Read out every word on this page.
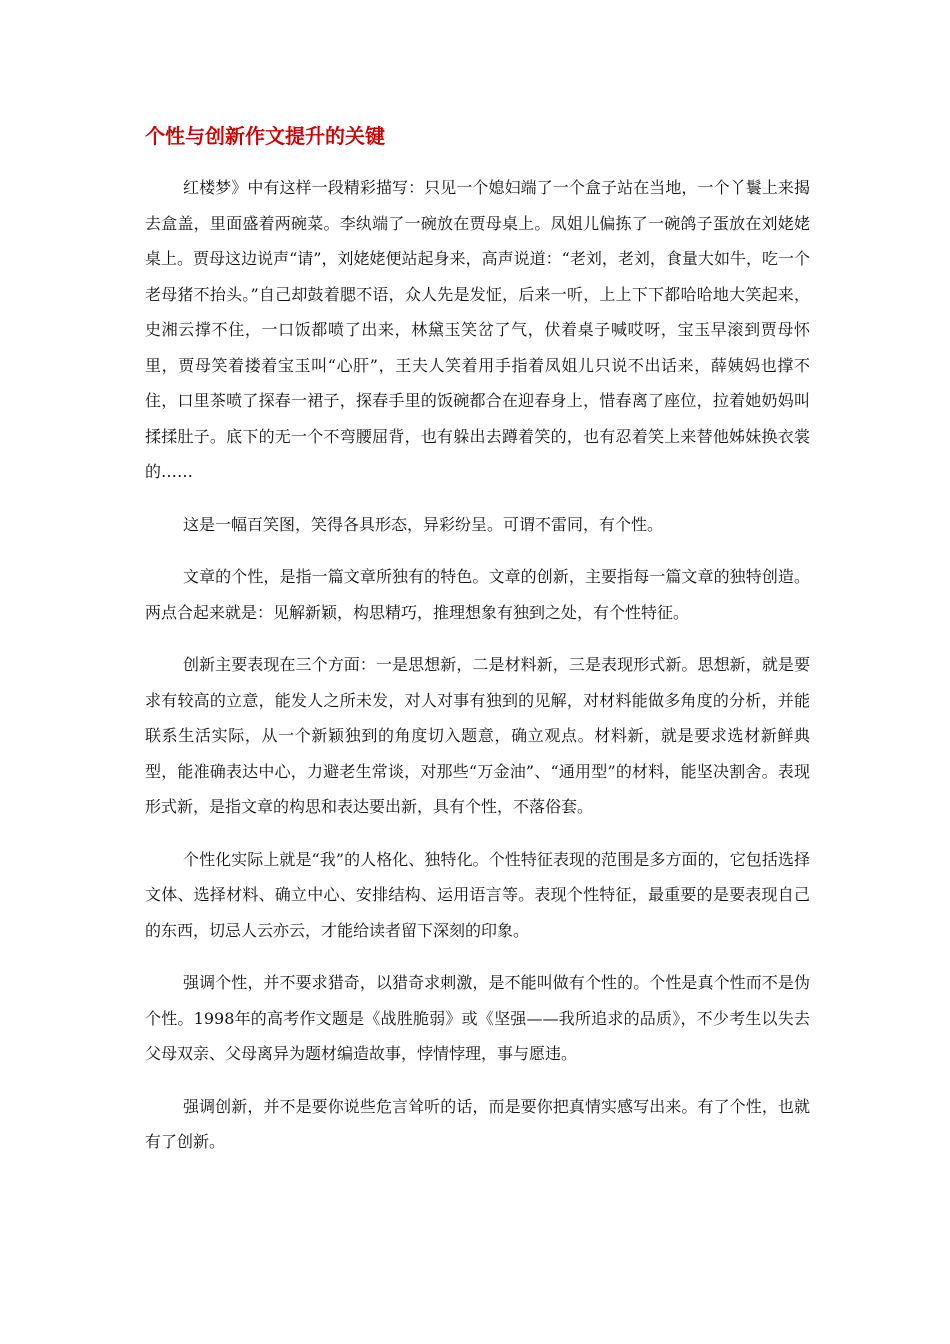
个性与创新作文提升的关键

红楼梦》中有这样一段精彩描写：只见一个媳妇端了一个盒子站在当地，一个丫鬟上来揭去盒盖，里面盛着两碗菜。李纨端了一碗放在贾母桌上。凤姐儿偏拣了一碗鸽子蛋放在刘姥姥桌上。贾母这边说声“请”，刘姥姥便站起身来，高声说道：“老刘，老刘，食量大如牛，吃一个老母猪不抬头。”自己却鼓着腮不语，众人先是发怔，后来一听，上上下下都哈哈地大笑起来，史湘云撑不住，一口饭都喷了出来，林黛玉笑岔了气，伏着桌子喊哎呀，宝玉早滚到贾母怀里，贾母笑着搂着宝玉叫“心肝”，王夫人笑着用手指着凤姐儿只说不出话来，薛姨妈也撑不住，口里茶喷了探春一裙子，探春手里的饭碗都合在迎春身上，惜春离了座位，拉着她奶妈叫揉揉肚子。底下的无一个不弯腰屈背，也有躲出去蹲着笑的，也有忍着笑上来替他姊妹换衣裳的……

这是一幅百笑图，笑得各具形态，异彩纷呈。可谓不雷同，有个性。

文章的个性，是指一篇文章所独有的特色。文章的创新，主要指每一篇文章的独特创造。两点合起来就是：见解新颖，构思精巧，推理想象有独到之处，有个性特征。

创新主要表现在三个方面：一是思想新，二是材料新，三是表现形式新。思想新，就是要求有较高的立意，能发人之所未发，对人对事有独到的见解，对材料能做多角度的分析，并能联系生活实际，从一个新颖独到的角度切入题意，确立观点。材料新，就是要求选材新鲜典型，能准确表达中心，力避老生常谈，对那些“万金油”、“通用型”的材料，能坚决割舍。表现形式新，是指文章的构思和表达要出新，具有个性，不落俗套。

个性化实际上就是“我”的人格化、独特化。个性特征表现的范围是多方面的，它包括选择文体、选择材料、确立中心、安排结构、运用语言等。表现个性特征，最重要的是要表现自己的东西，切忌人云亦云，才能给读者留下深刻的印象。

强调个性，并不要求猎奇，以猎奇求刺激，是不能叫做有个性的。个性是真个性而不是伪个性。1998年的高考作文题是《战胜脆弱》或《坚强——我所追求的品质》，不少考生以失去父母双亲、父母离异为题材编造故事，悖情悖理，事与愿违。

强调创新，并不是要你说些危言耸听的话，而是要你把真情实感写出来。有了个性，也就有了创新。
